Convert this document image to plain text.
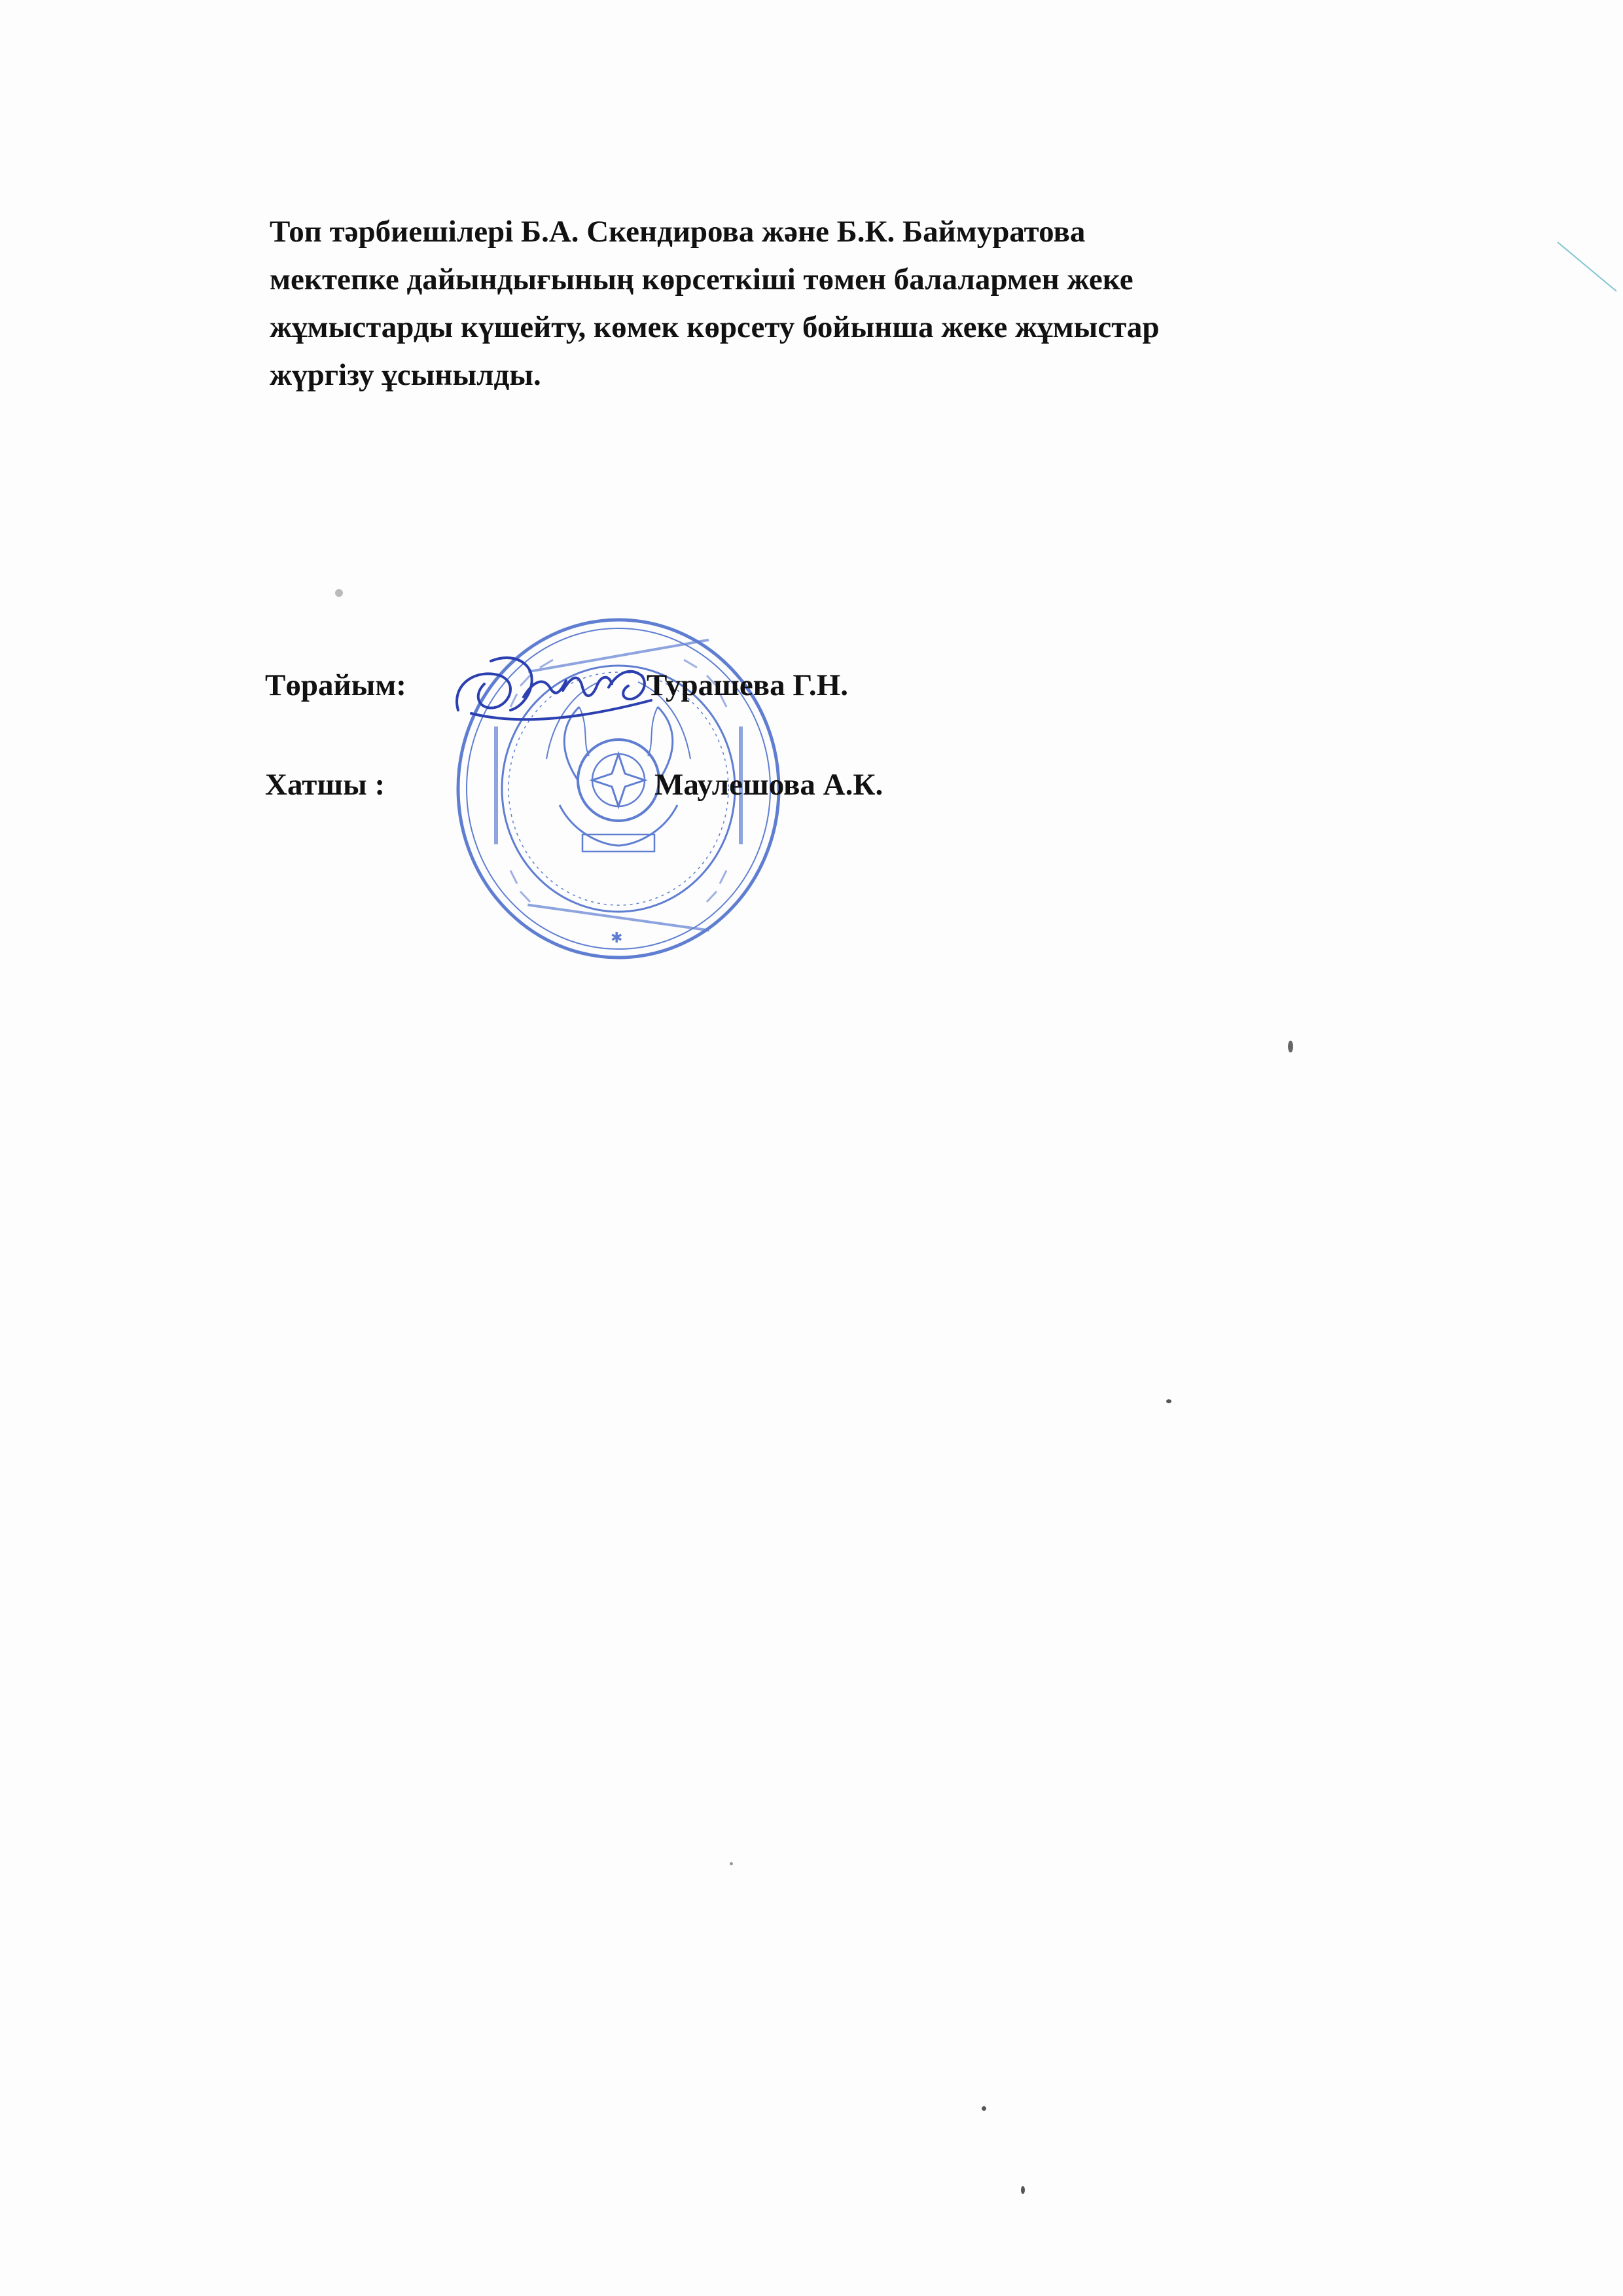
Топ тәрбиешілері Б.А. Скендирова және Б.К. Баймуратова
мектепке дайындығының көрсеткіші төмен балалармен жеке
жұмыстарды күшейту, көмек көрсету бойынша жеке жұмыстар
жүргізу ұсынылды.

✱
Төрайым:	Турашева Г.Н.
Хатшы :	Маулешова А.К.
